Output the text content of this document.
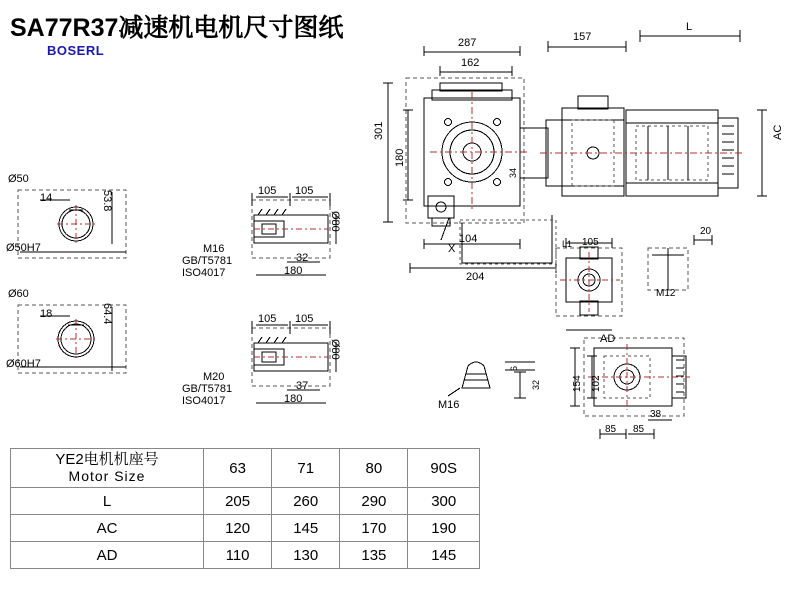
SA77R37减速机电机尺寸图纸
BOSERL
Ø50
Ø50H7
14	53.8
Ø60
Ø60H7
18	64.4
105 105
M16
GB/T5781
ISO4017
32
180
Ø80
105 105
M20
GB/T5781
ISO4017
37
180
Ø80
287
162
157
L
301
180
204
104
AC
34
X	L1 105
AD
M12
20
M16
6
32	154 102
38
85 85
YE2电机机座号
Motor Size	63	71	80	90S
L	205	260	290	300
AC	120	145	170	190
AD	110	130	135	145
